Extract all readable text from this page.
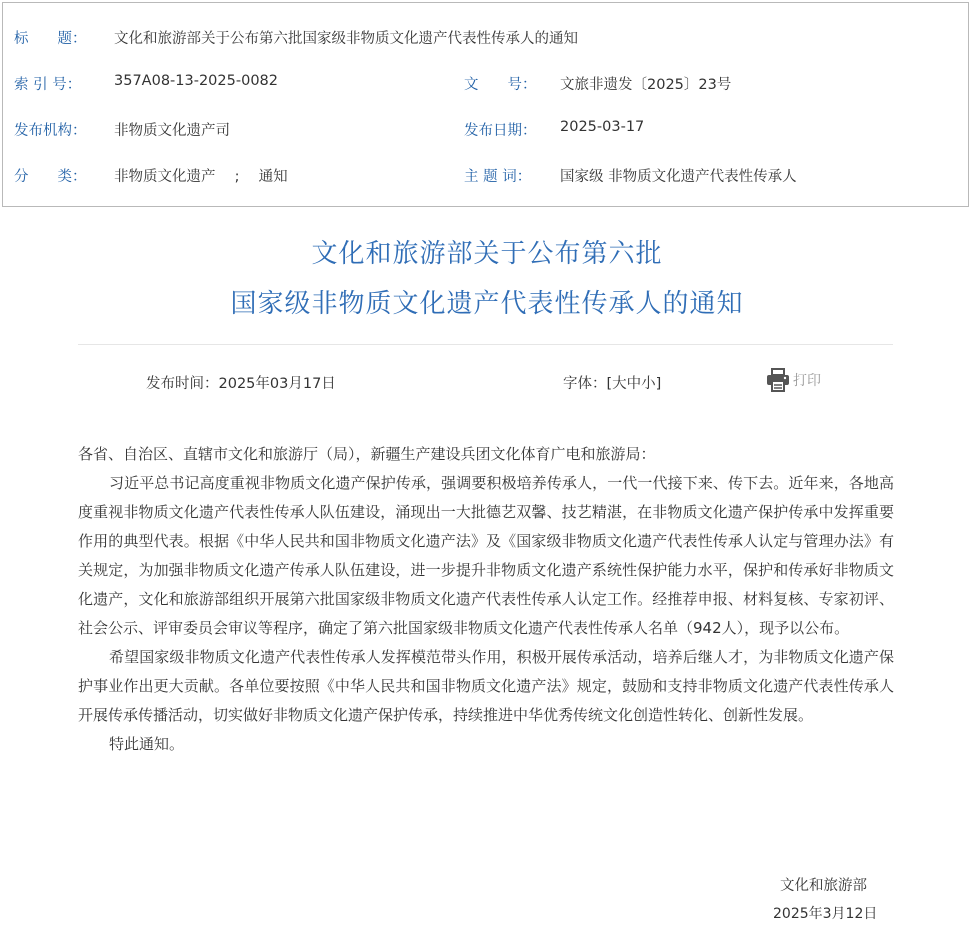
标　　题： 文化和旅游部关于公布第六批国家级非物质文化遗产代表性传承人的通知
索 引 号： 357A08-13-2025-0082	文　　号： 文旅非遗发〔2025〕23号
发布机构： 非物质文化遗产司	发布日期： 2025-03-17
分　　类： 非物质文化遗产　 ;　 通知	主 题 词： 国家级 非物质文化遗产代表性传承人
文化和旅游部关于公布第六批
国家级非物质文化遗产代表性传承人的通知
发布时间：2025年03月17日	字体：[大中小]	打印

各省、自治区、直辖市文化和旅游厅（局），新疆生产建设兵团文化体育广电和旅游局：

习近平总书记高度重视非物质文化遗产保护传承，强调要积极培养传承人，一代一代接下来、传下去。近年来，各地高度重视非物质文化遗产代表性传承人队伍建设，涌现出一大批德艺双馨、技艺精湛，在非物质文化遗产保护传承中发挥重要作用的典型代表。根据《中华人民共和国非物质文化遗产法》及《国家级非物质文化遗产代表性传承人认定与管理办法》有关规定，为加强非物质文化遗产传承人队伍建设，进一步提升非物质文化遗产系统性保护能力水平，保护和传承好非物质文化遗产，文化和旅游部组织开展第六批国家级非物质文化遗产代表性传承人认定工作。经推荐申报、材料复核、专家初评、社会公示、评审委员会审议等程序，确定了第六批国家级非物质文化遗产代表性传承人名单（942人），现予以公布。

希望国家级非物质文化遗产代表性传承人发挥模范带头作用，积极开展传承活动，培养后继人才，为非物质文化遗产保护事业作出更大贡献。各单位要按照《中华人民共和国非物质文化遗产法》规定，鼓励和支持非物质文化遗产代表性传承人开展传承传播活动，切实做好非物质文化遗产保护传承，持续推进中华优秀传统文化创造性转化、创新性发展。

特此通知。

文化和旅游部
2025年3月12日
